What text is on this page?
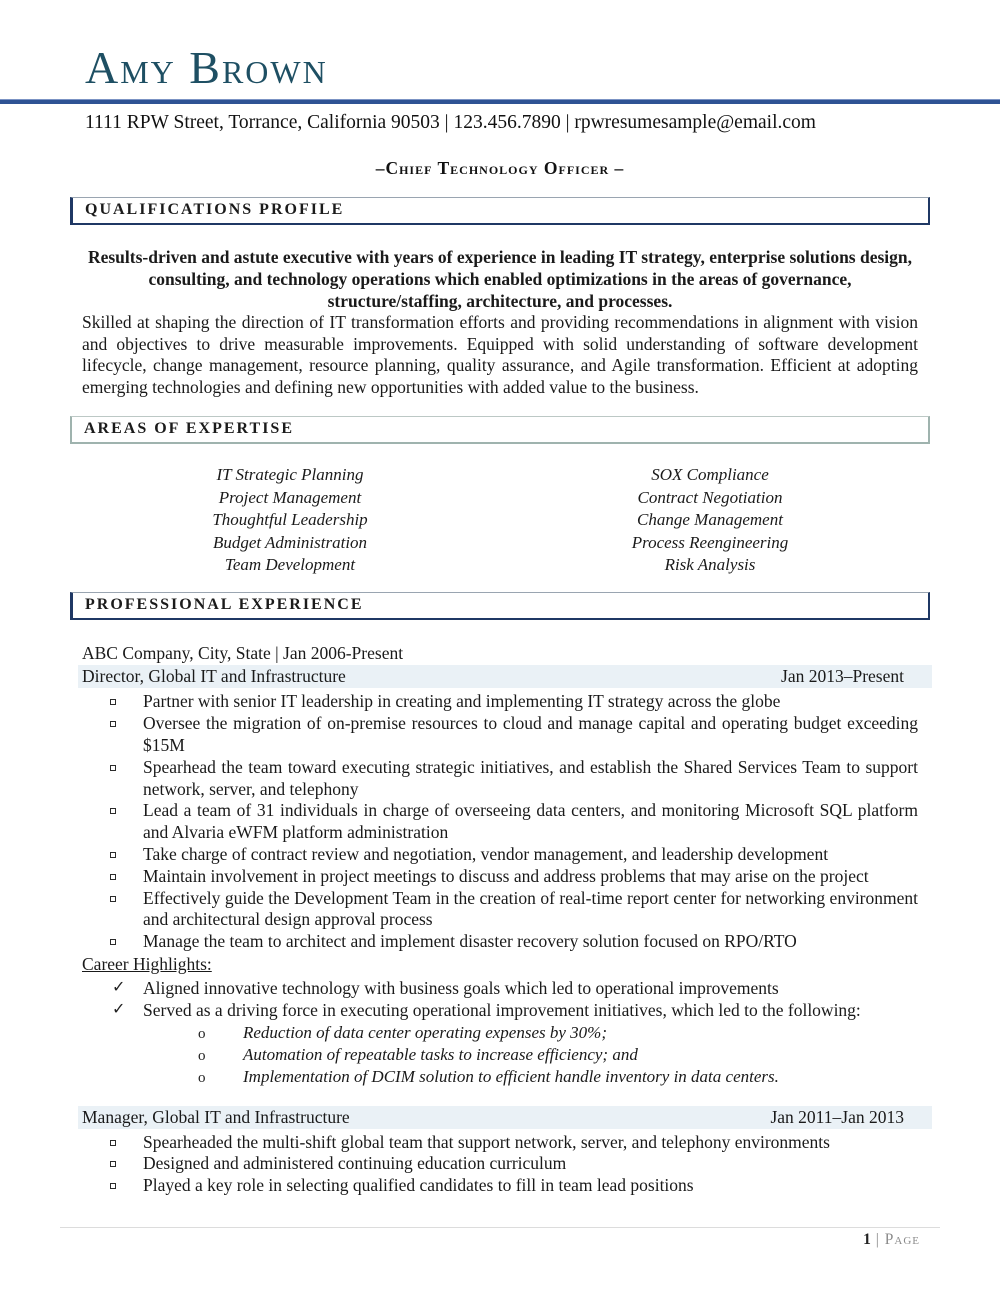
Amy Brown
1111 RPW Street, Torrance, California 90503 | 123.456.7890 | rpwresumesample@email.com
–Chief Technology Officer –
QUALIFICATIONS PROFILE
Results-driven and astute executive with years of experience in leading IT strategy, enterprise solutions design, consulting, and technology operations which enabled optimizations in the areas of governance, structure/staffing, architecture, and processes.
Skilled at shaping the direction of IT transformation efforts and providing recommendations in alignment with vision and objectives to drive measurable improvements. Equipped with solid understanding of software development lifecycle, change management, resource planning, quality assurance, and Agile transformation. Efficient at adopting emerging technologies and defining new opportunities with added value to the business.
AREAS OF EXPERTISE
IT Strategic Planning
Project Management
Thoughtful Leadership
Budget Administration
Team Development
SOX Compliance
Contract Negotiation
Change Management
Process Reengineering
Risk Analysis
PROFESSIONAL EXPERIENCE
ABC Company, City, State | Jan 2006-Present
Director, Global IT and Infrastructure	Jan 2013–Present
Partner with senior IT leadership in creating and implementing IT strategy across the globe
Oversee the migration of on-premise resources to cloud and manage capital and operating budget exceeding $15M
Spearhead the team toward executing strategic initiatives, and establish the Shared Services Team to support network, server, and telephony
Lead a team of 31 individuals in charge of overseeing data centers, and monitoring Microsoft SQL platform and Alvaria eWFM platform administration
Take charge of contract review and negotiation, vendor management, and leadership development
Maintain involvement in project meetings to discuss and address problems that may arise on the project
Effectively guide the Development Team in the creation of real-time report center for networking environment and architectural design approval process
Manage the team to architect and implement disaster recovery solution focused on RPO/RTO
Career Highlights:
✓ Aligned innovative technology with business goals which led to operational improvements
✓ Served as a driving force in executing operational improvement initiatives, which led to the following:
o Reduction of data center operating expenses by 30%;
o Automation of repeatable tasks to increase efficiency; and
o Implementation of DCIM solution to efficient handle inventory in data centers.
Manager, Global IT and Infrastructure	Jan 2011–Jan 2013
Spearheaded the multi-shift global team that support network, server, and telephony environments
Designed and administered continuing education curriculum
Played a key role in selecting qualified candidates to fill in team lead positions
1 | Page
